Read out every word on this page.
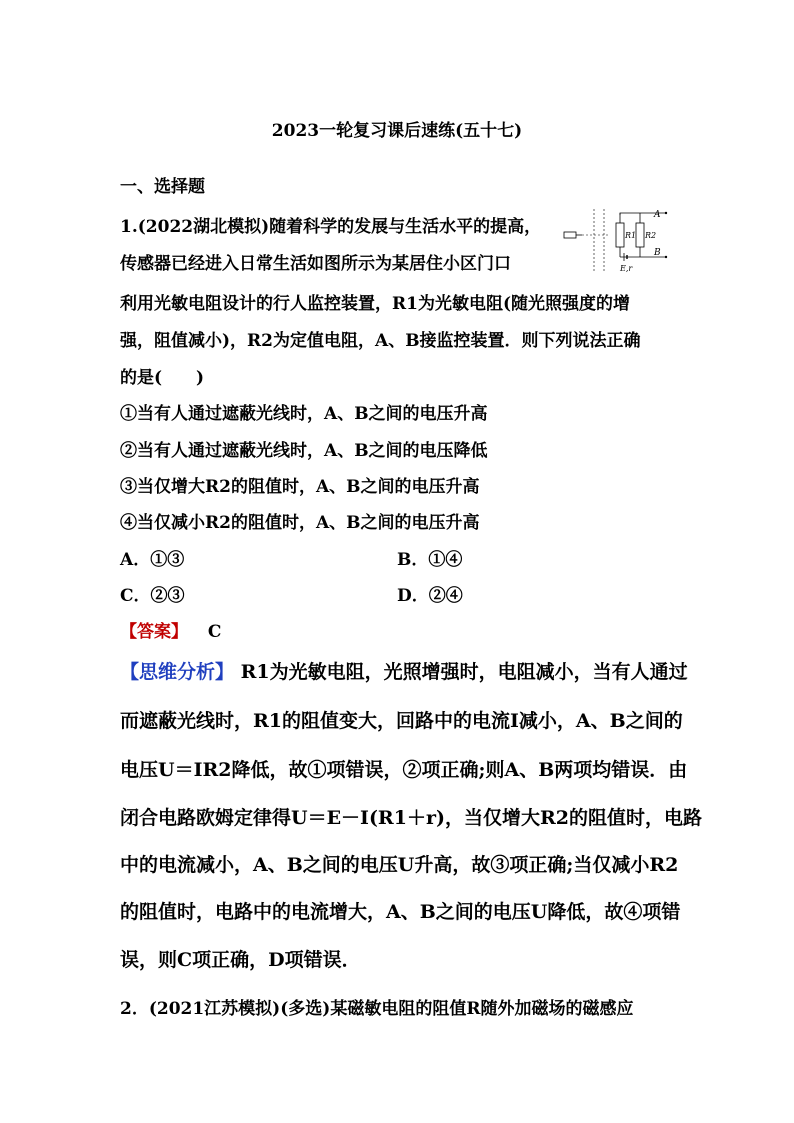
2023一轮复习课后速练(五十七)
一、选择题
1.(2022湖北模拟)随着科学的发展与生活水平的提高，
传感器已经进入日常生活如图所示为某居住小区门口
利用光敏电阻设计的行人监控装置，R1为光敏电阻(随光照强度的增
强，阻值减小)，R2为定值电阻，A、B接监控装置．则下列说法正确
的是(　　)
①当有人通过遮蔽光线时，A、B之间的电压升高
②当有人通过遮蔽光线时，A、B之间的电压降低
③当仅增大R2的阻值时，A、B之间的电压升高
④当仅减小R2的阻值时，A、B之间的电压升高
A．①③	B．①④
C．②③	D．②④
【答案】 C
【思维分析】 R1为光敏电阻，光照增强时，电阻减小，当有人通过
而遮蔽光线时，R1的阻值变大，回路中的电流I减小，A、B之间的
电压U＝IR2降低，故①项错误，②项正确;则A、B两项均错误．由
闭合电路欧姆定律得U＝E－I(R1＋r)，当仅增大R2的阻值时，电路
中的电流减小，A、B之间的电压U升高，故③项正确;当仅减小R2
的阻值时，电路中的电流增大，A、B之间的电压U降低，故④项错
误，则C项正确，D项错误．
2．(2021江苏模拟)(多选)某磁敏电阻的阻值R随外加磁场的磁感应
R1 R2
A
B
E,r
